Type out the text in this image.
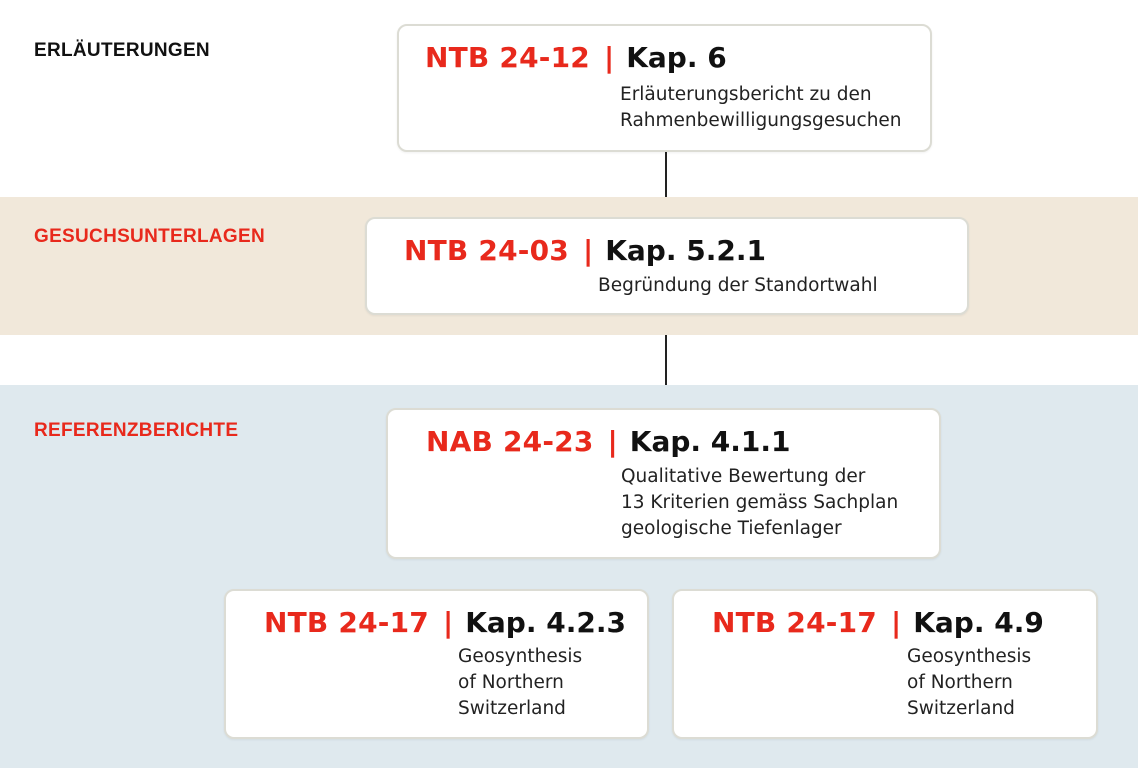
ERLÄUTERUNGEN
GESUCHSUNTERLAGEN
REFERENZBERICHTE
NTB 24-12 | Kap. 6
Erläuterungsbericht zu den
Rahmenbewilligungsgesuchen
NTB 24-03 | Kap. 5.2.1
Begründung der Standortwahl
NAB 24-23 | Kap. 4.1.1
Qualitative Bewertung der
13 Kriterien gemäss Sachplan
geologische Tiefenlager
NTB 24-17 | Kap. 4.2.3
Geosynthesis
of Northern
Switzerland
NTB 24-17 | Kap. 4.9
Geosynthesis
of Northern
Switzerland
